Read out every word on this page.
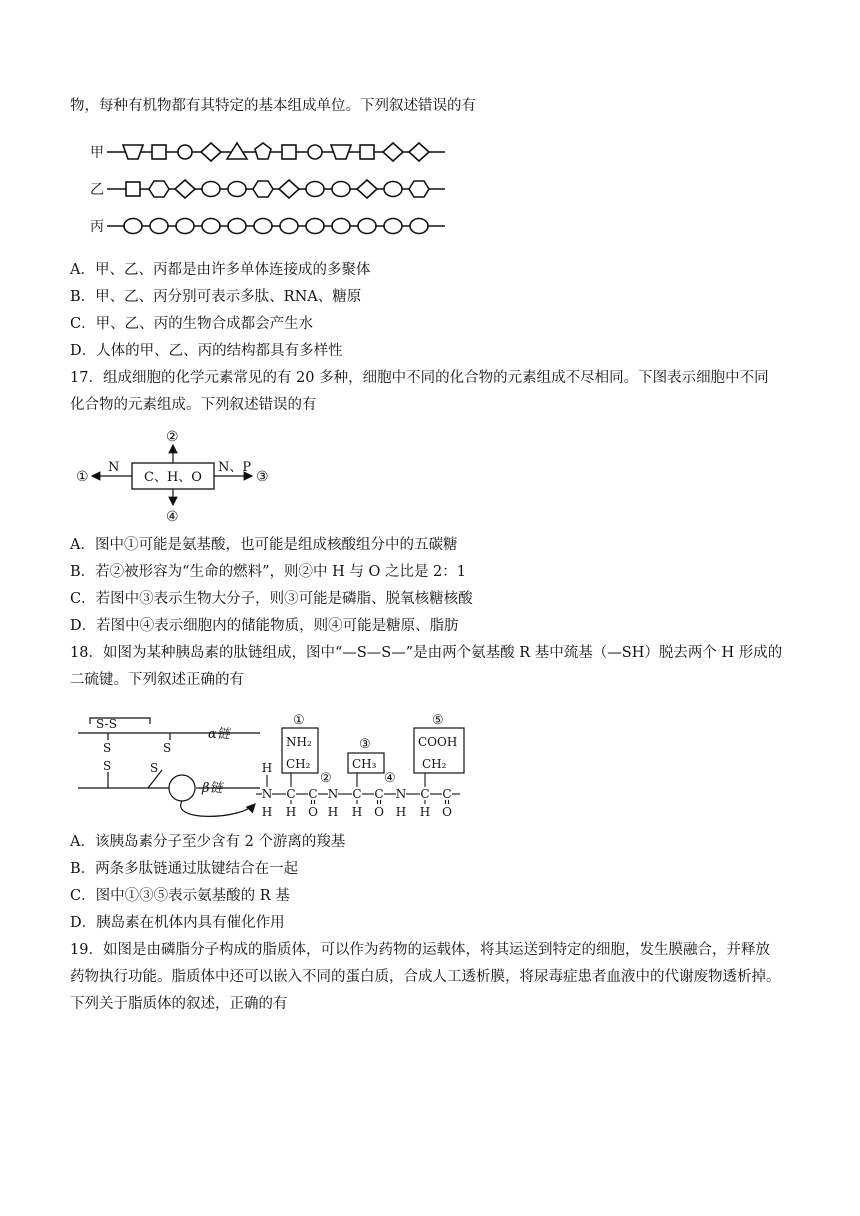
物，每种有机物都有其特定的基本组成单位。下列叙述错误的有
甲
乙
丙
A．甲、乙、丙都是由许多单体连接成的多聚体
B．甲、乙、丙分别可表示多肽、RNA、糖原
C．甲、乙、丙的生物合成都会产生水
D．人体的甲、乙、丙的结构都具有多样性
17．组成细胞的化学元素常见的有 20 多种，细胞中不同的化合物的元素组成不尽相同。下图表示细胞中不同
化合物的元素组成。下列叙述错误的有
C、H、O
①
②
③
④
N	N、P
A．图中①可能是氨基酸，也可能是组成核酸组分中的五碳糖
B．若②被形容为“生命的燃料”，则②中 H 与 O 之比是 2：1
C．若图中③表示生物大分子，则③可能是磷脂、脱氧核糖核酸
D．若图中④表示细胞内的储能物质，则④可能是糖原、脂肪
18．如图为某种胰岛素的肽链组成，图中“—S—S—”是由两个氨基酸 R 基中巯基（—SH）脱去两个 H 形成的
二硫键。下列叙述正确的有
S-S
S
S
S
S
α链
β链
①
③
⑤
②	④
NH₂
CH₂	CH₃
COOH
CH₂
N C C N C C N C C
H
H	H	H
H	H	H
O	O	O
A．该胰岛素分子至少含有 2 个游离的羧基
B．两条多肽链通过肽键结合在一起
C．图中①③⑤表示氨基酸的 R 基
D．胰岛素在机体内具有催化作用
19．如图是由磷脂分子构成的脂质体，可以作为药物的运载体，将其运送到特定的细胞，发生膜融合，并释放
药物执行功能。脂质体中还可以嵌入不同的蛋白质，合成人工透析膜，将尿毒症患者血液中的代谢废物透析掉。
下列关于脂质体的叙述，正确的有
